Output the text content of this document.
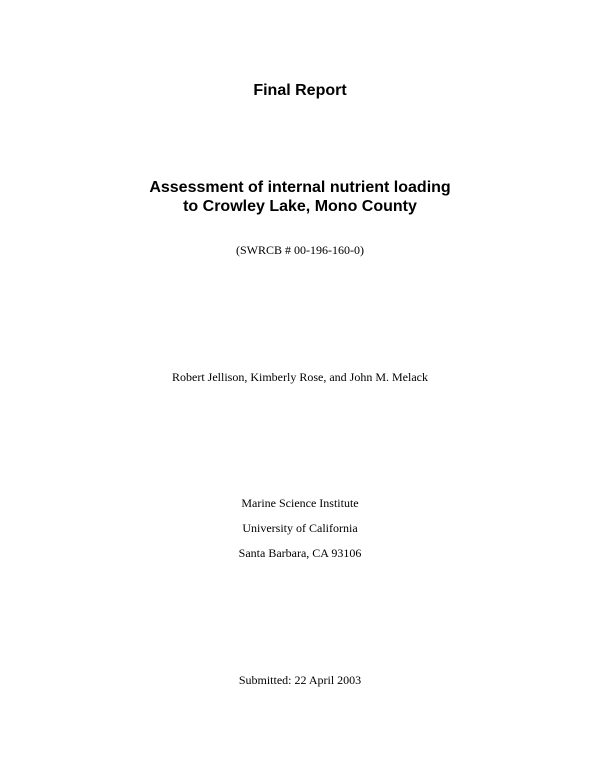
Final Report
Assessment of internal nutrient loading
to Crowley Lake, Mono County
(SWRCB # 00-196-160-0)
Robert Jellison, Kimberly Rose, and John M. Melack
Marine Science Institute
University of California
Santa Barbara, CA 93106
Submitted: 22 April 2003
